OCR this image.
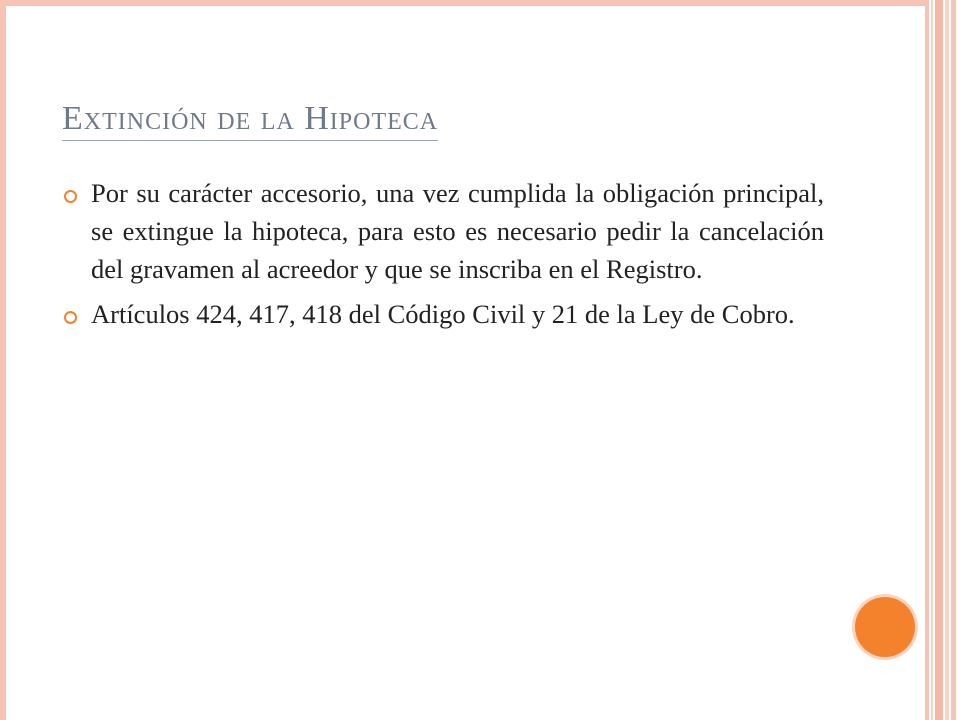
Extinción de la Hipoteca
Por su carácter accesorio, una vez cumplida la obligación principal, se extingue la hipoteca, para esto es necesario pedir la cancelación del gravamen al acreedor y que se inscriba en el Registro.
Artículos 424, 417, 418 del Código Civil y 21 de la Ley de Cobro.
